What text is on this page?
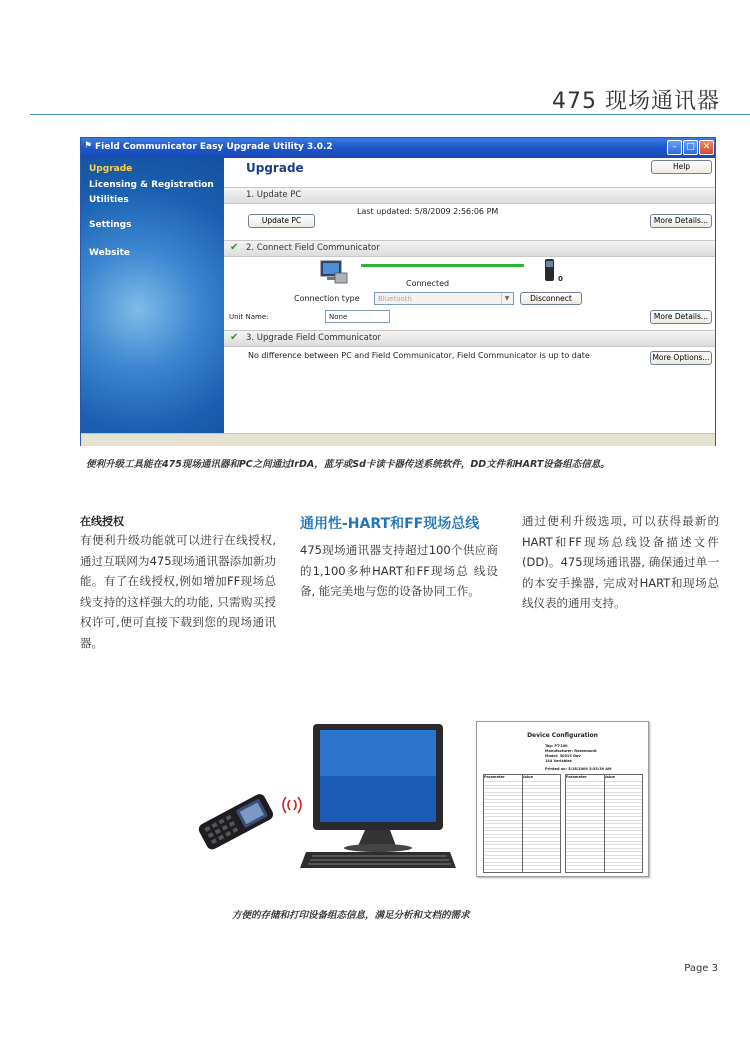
475 现场通讯器
⚑ Field Communicator Easy Upgrade Utility 3.0.2	–	□ ✕
Upgrade
Licensing & Registration
Utilities
Settings
Website
Upgrade	Help
1. Update PC
Update PC
Last updated: 5/8/2009 2:56:06 PM
More Details...
✔ 2. Connect Field Communicator
0
Connected
Connection type	Bluetooth	▼	Disconnect
Unit Name:	None	More Details...
✔ 3. Upgrade Field Communicator
No difference between PC and Field Communicator, Field Communicator is up to date	More Options...
便利升级工具能在475现场通讯器和PC之间通过IrDA，蓝牙或Sd卡读卡器传送系统软件，DD文件和HART设备组态信息。
在线授权
有便利升级功能就可以进行在线授权, 通过互联网为475现场通讯器添加新功能。有了在线授权,例如增加FF现场总线支持的这样强大的功能, 只需购买授权许可,便可直接下载到您的现场通讯器。
通用性-HART和FF现场总线
475现场通讯器支持超过100个供应商的1,100多种HART和FF现场总 线设备, 能完美地与您的设备协同工作。
通过便利升级选项, 可以获得最新的HART和FF现场总线设备描述文件(DD)。475现场通讯器, 确保通过单一的本安手操器, 完成对HART和现场总线仪表的通用支持。
Device Configuration
Tag: PT-100
Manufacturer: Rosemount
Model: 3051S Dev
144 Variables
Printed on: 5/18/2009 3:35:39 AM
Parameter	Value	Parameter	Value
方便的存储和打印设备组态信息，满足分析和文档的需求
Page 3
